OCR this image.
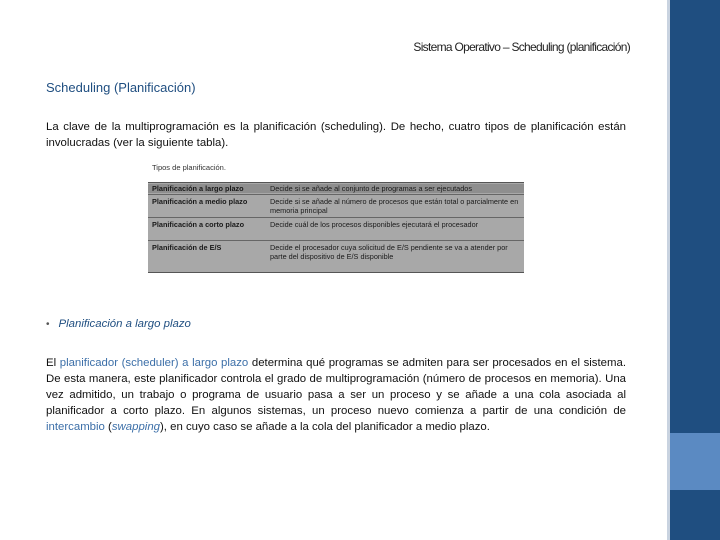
Sistema Operativo – Scheduling (planificación)
Scheduling (Planificación)
La clave de la multiprogramación es la planificación (scheduling). De hecho, cuatro tipos de planificación están involucradas (ver la siguiente tabla).
Tipos de planificación.
Planificación a largo plazo	Decide si se añade al conjunto de programas a ser ejecutados
Planificación a medio plazo	Decide si se añade al número de procesos que están total o parcialmente en memoria principal
Planificación a corto plazo	Decide cuál de los procesos disponibles ejecutará el procesador
Planificación de E/S	Decide el procesador cuya solicitud de E/S pendiente se va a atender por parte del dispositivo de E/S disponible
• Planificación a largo plazo
El planificador (scheduler) a largo plazo determina qué programas se admiten para ser procesados en el sistema. De esta manera, este planificador controla el grado de multiprogramación (número de procesos en memoria). Una vez admitido, un trabajo o programa de usuario pasa a ser un proceso y se añade a una cola asociada al planificador a corto plazo. En algunos sistemas, un proceso nuevo comienza a partir de una condición de intercambio (swapping), en cuyo caso se añade a la cola del planificador a medio plazo.
